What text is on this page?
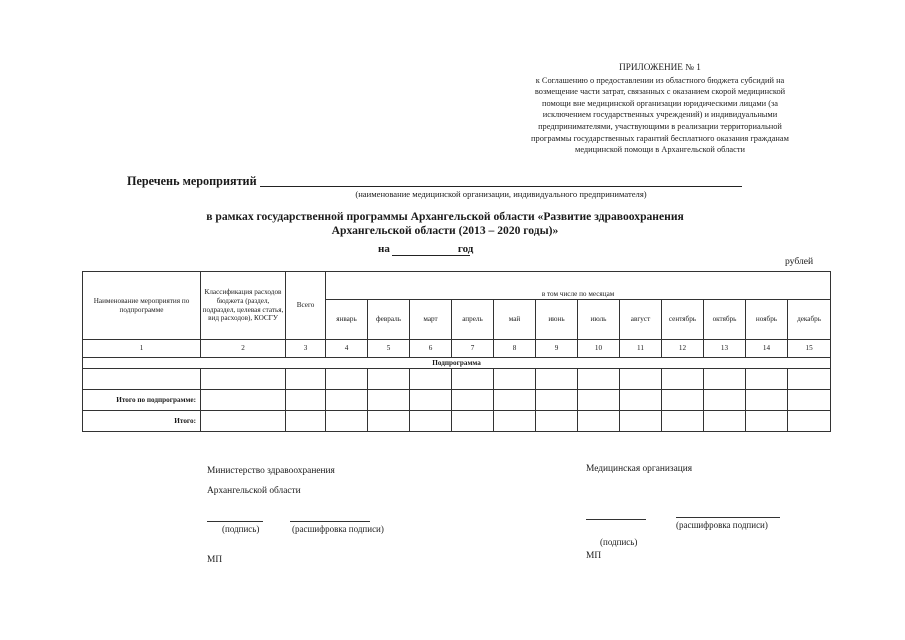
ПРИЛОЖЕНИЕ № 1
к Соглашению о предоставлении из областного бюджета субсидий на
возмещение части затрат, связанных с оказанием скорой медицинской
помощи вне медицинской организации юридическими лицами (за
исключением государственных учреждений) и индивидуальными
предпринимателями, участвующими в реализации территориальной
программы государственных гарантий бесплатного оказания гражданам
медицинской помощи в Архангельской области
Перечень мероприятий
(наименование медицинской организации, индивидуального предпринимателя)
в рамках государственной программы Архангельской области «Развитие здравоохранения
Архангельской области (2013 – 2020 годы)»
на	год
рублей
Наименование мероприятия по подпрограмме	Классификация расходов бюджета (раздел, подраздел, целевая статья, вид расходов), КОСГУ	Всего	в том числе по месяцам											
			январь	февраль	март	апрель	май	июнь	июль	август	сентябрь	октябрь	ноябрь	декабрь
1	2	3	4	5	6	7	8	9	10	11	12	13	14	15
Подпрограмма														

Итого по подпрограмме:														
Итого:														
Министерство здравоохранения
Архангельской области
(подпись)	(расшифровка подписи)
МП
Медицинская организация
(расшифровка подписи)
(подпись)
МП
